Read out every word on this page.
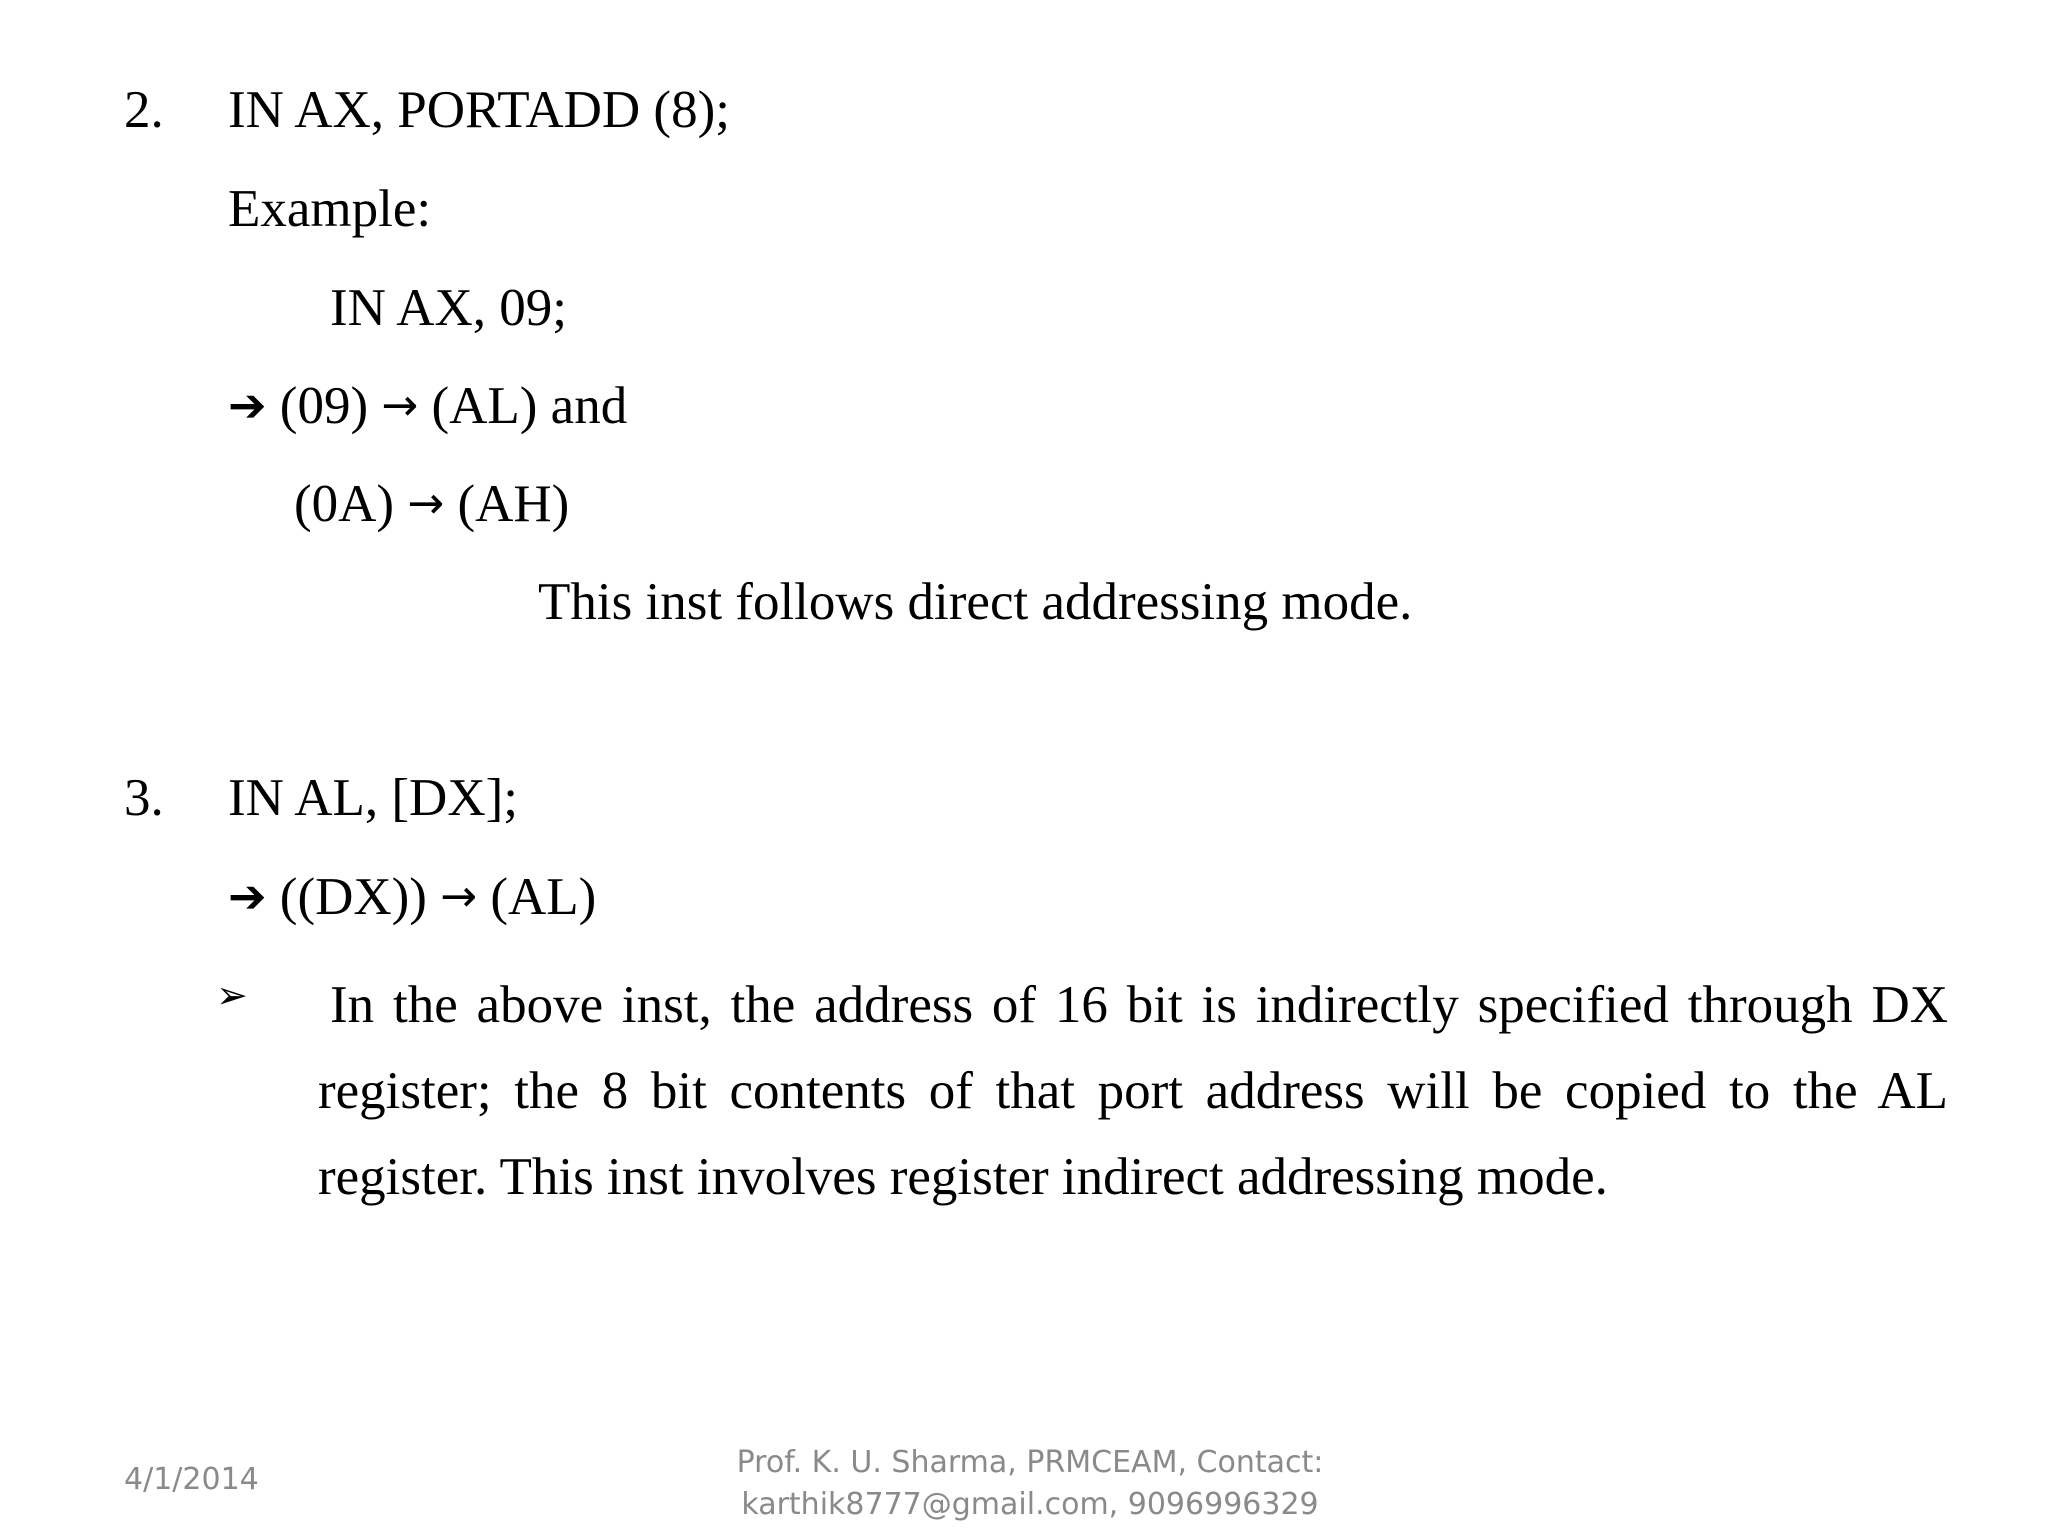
2. IN AX, PORTADD (8);
Example:
IN AX, 09;
➔ (09) → (AL) and
(0A) → (AH)
This inst follows direct addressing mode.
3. IN AL, [DX];
➔ ((DX)) → (AL)
➢ In the above inst, the address of 16 bit is indirectly specified through DX register; the 8 bit contents of that port address will be copied to the AL register. This inst involves register indirect addressing mode.
4/1/2014	Prof. K. U. Sharma, PRMCEAM, Contact:
karthik8777@gmail.com, 9096996329
